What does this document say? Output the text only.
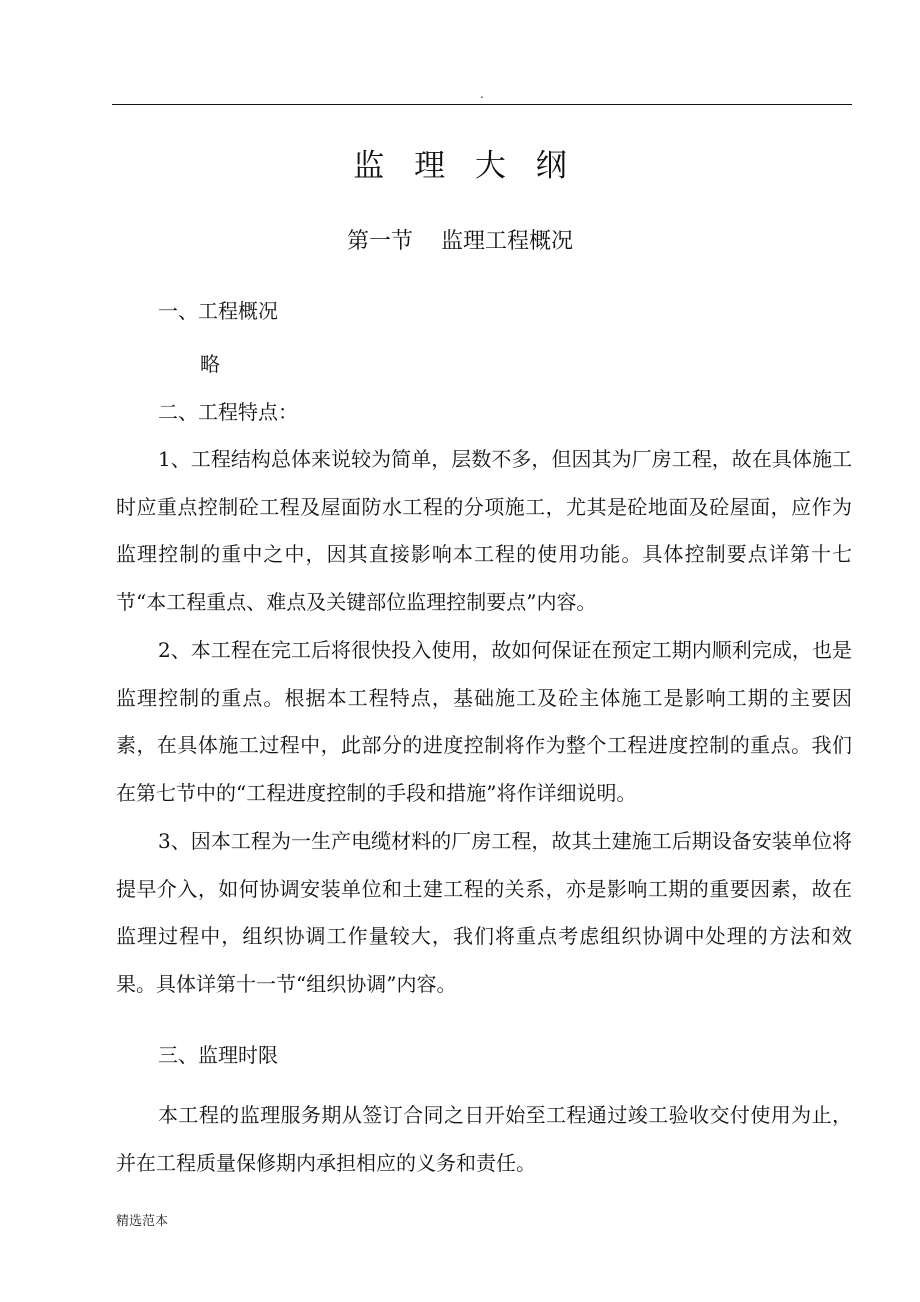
.
监 理 大 纲
第一节    监理工程概况
一、工程概况
略
二、工程特点：

1、工程结构总体来说较为简单，层数不多，但因其为厂房工程，故在具体施工时应重点控制砼工程及屋面防水工程的分项施工，尤其是砼地面及砼屋面，应作为监理控制的重中之中，因其直接影响本工程的使用功能。具体控制要点详第十七节“本工程重点、难点及关键部位监理控制要点”内容。

2、本工程在完工后将很快投入使用，故如何保证在预定工期内顺利完成，也是监理控制的重点。根据本工程特点，基础施工及砼主体施工是影响工期的主要因素，在具体施工过程中，此部分的进度控制将作为整个工程进度控制的重点。我们在第七节中的“工程进度控制的手段和措施”将作详细说明。

3、因本工程为一生产电缆材料的厂房工程，故其土建施工后期设备安装单位将提早介入，如何协调安装单位和土建工程的关系，亦是影响工期的重要因素，故在监理过程中，组织协调工作量较大，我们将重点考虑组织协调中处理的方法和效果。具体详第十一节“组织协调”内容。

三、监理时限

本工程的监理服务期从签订合同之日开始至工程通过竣工验收交付使用为止，并在工程质量保修期内承担相应的义务和责任。

精选范本
